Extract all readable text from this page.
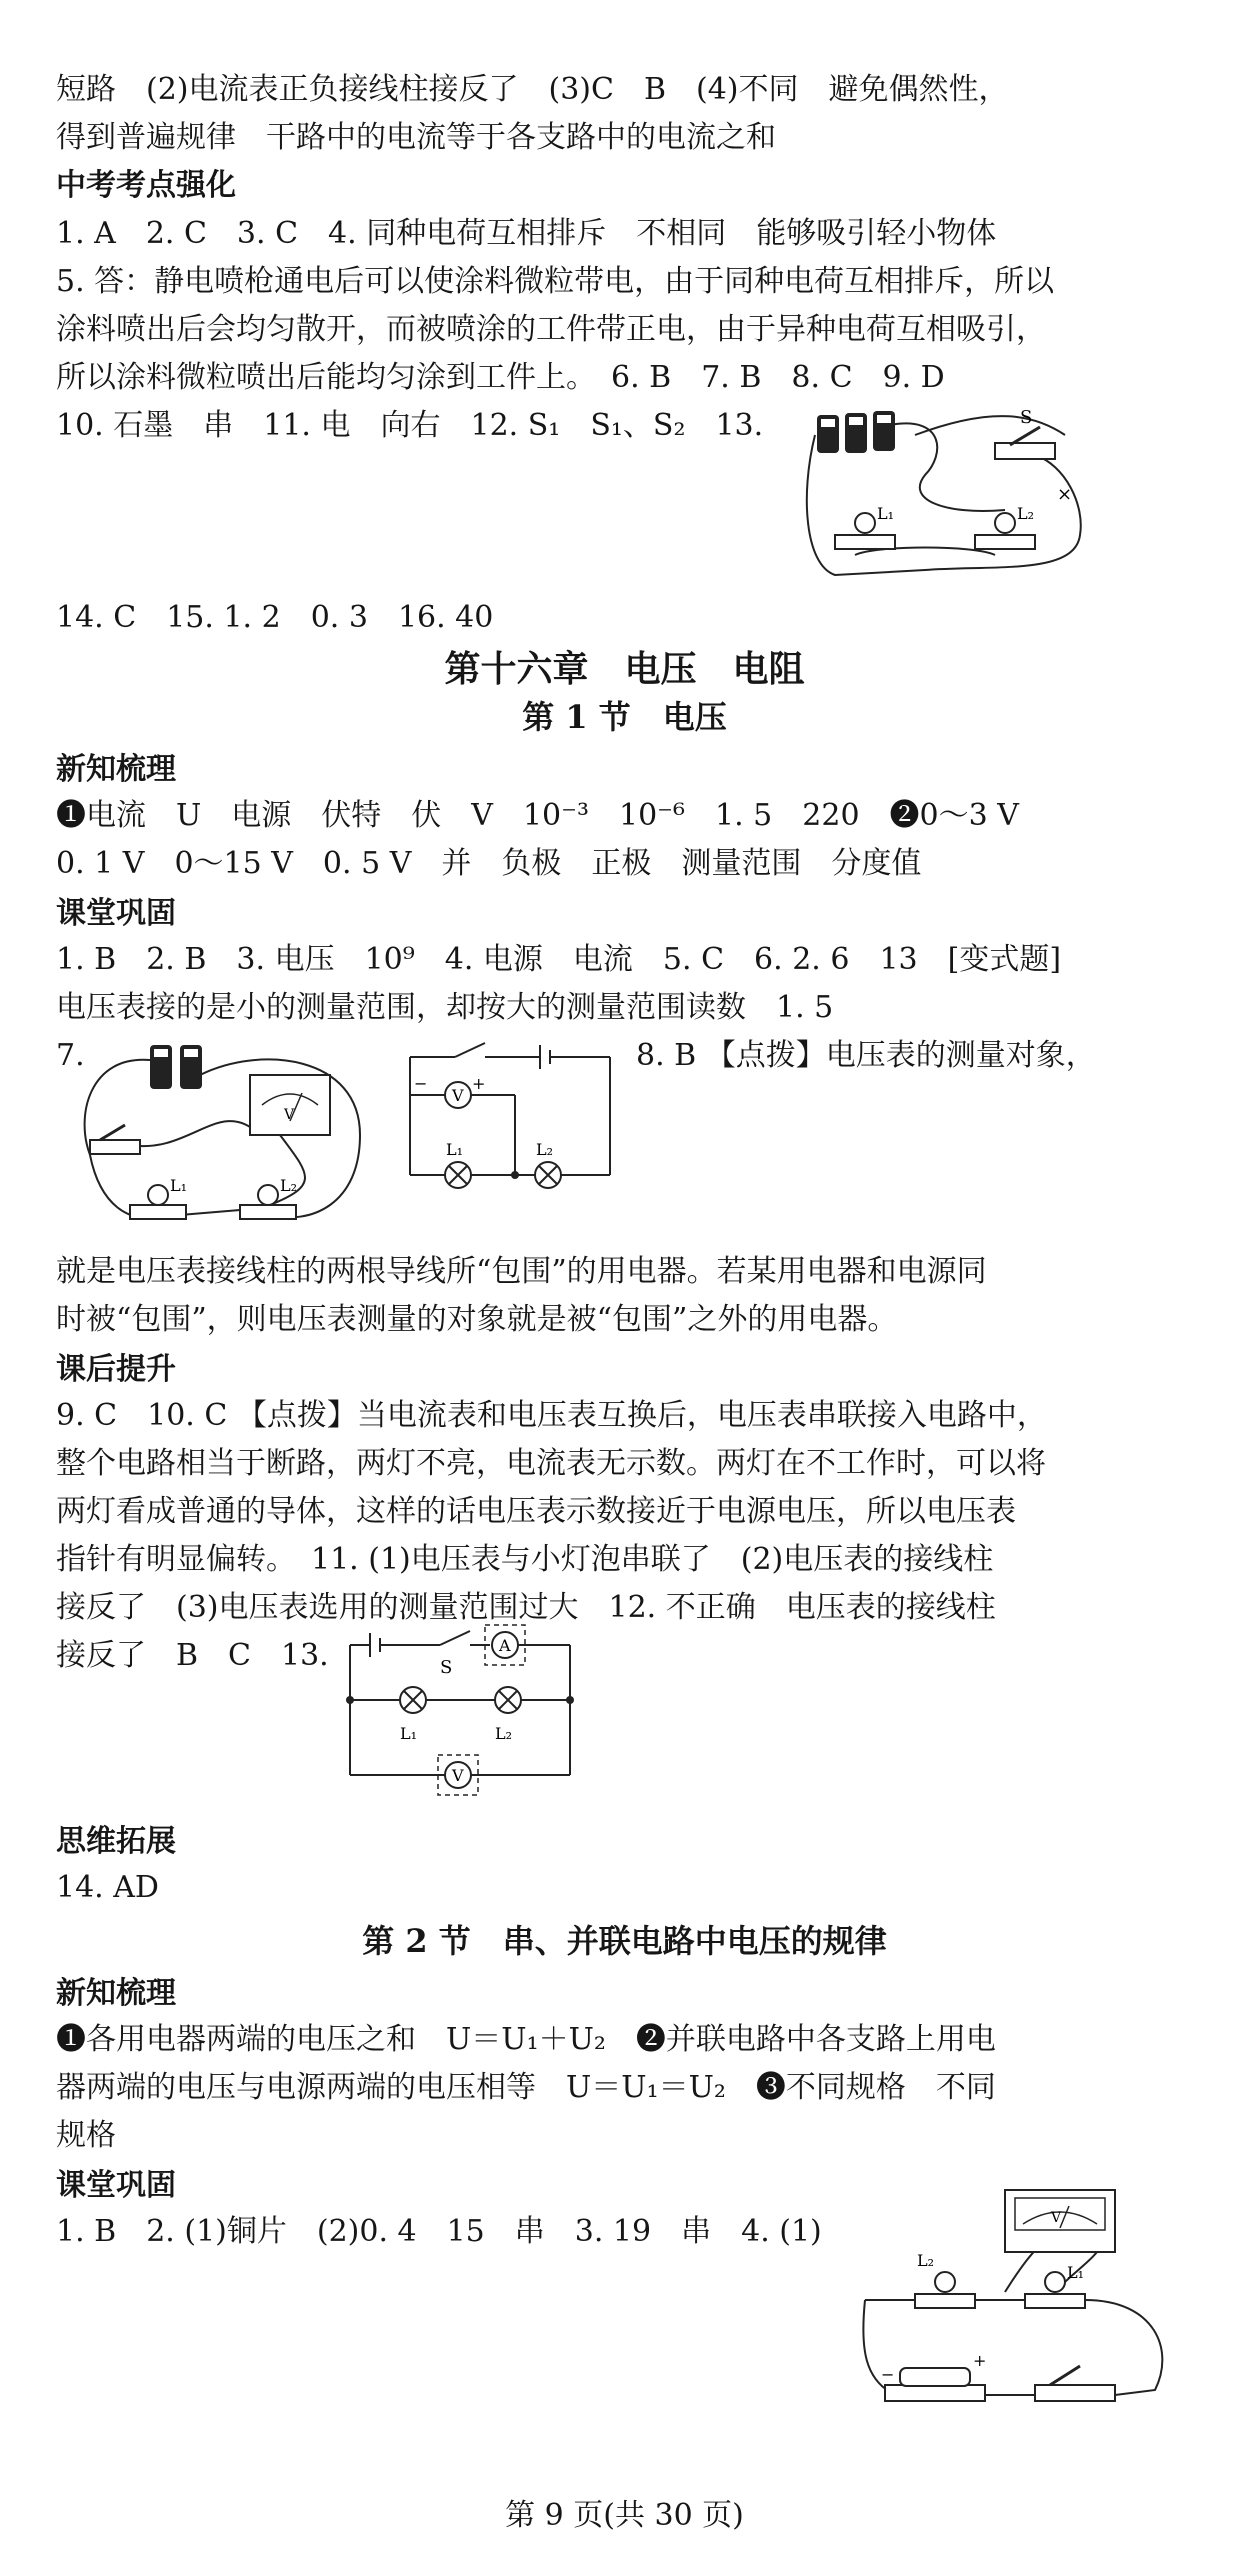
短路　(2)电流表正负接线柱接反了　(3)C　B　(4)不同　避免偶然性，
得到普遍规律　干路中的电流等于各支路中的电流之和
中考考点强化
1. A　2. C　3. C　4. 同种电荷互相排斥　不相同　能够吸引轻小物体
5. 答：静电喷枪通电后可以使涂料微粒带电，由于同种电荷互相排斥，所以
涂料喷出后会均匀散开，而被喷涂的工件带正电，由于异种电荷互相吸引，
所以涂料微粒喷出后能均匀涂到工件上。　6. B　7. B　8. C　9. D
10. 石墨　串　11. 电　向右　12. S₁　S₁、S₂　13.	S
×
L₁	L₂
14. C　15. 1. 2　0. 3　16. 40
第十六章　电压　电阻
第 1 节　电压
新知梳理
❶电流　U　电源　伏特　伏　V　10⁻³　10⁻⁶　1. 5　220　❷0～3 V
0. 1 V　0～15 V　0. 5 V　并　负极　正极　测量范围　分度值
课堂巩固
1. B　2. B　3. 电压　10⁹　4. 电源　电流　5. C　6. 2. 6　13　[变式题]
电压表接的是小的测量范围，却按大的测量范围读数　1. 5
7.	8. B 【点拨】电压表的测量对象，
V
L₁	L₂
V
−	+
L₁	L₂
就是电压表接线柱的两根导线所“包围”的用电器。若某用电器和电源同
时被“包围”，则电压表测量的对象就是被“包围”之外的用电器。
课后提升
9. C　10. C 【点拨】当电流表和电压表互换后，电压表串联接入电路中，
整个电路相当于断路，两灯不亮，电流表无示数。两灯在不工作时，可以将
两灯看成普通的导体，这样的话电压表示数接近于电源电压，所以电压表
指针有明显偏转。　11. (1)电压表与小灯泡串联了　(2)电压表的接线柱
接反了　(3)电压表选用的测量范围过大　12. 不正确　电压表的接线柱
接反了　B　C　13.	A
V
S
L₁	L₂
思维拓展
14. AD
第 2 节　串、并联电路中电压的规律
新知梳理
❶各用电器两端的电压之和　U＝U₁＋U₂　❷并联电路中各支路上用电
器两端的电压与电源两端的电压相等　U＝U₁＝U₂　❸不同规格　不同
规格
课堂巩固
1. B　2. (1)铜片　(2)0. 4　15　串　3. 19　串　4. (1)	V
L₂
L₁
−
+
第 9 页(共 30 页)
